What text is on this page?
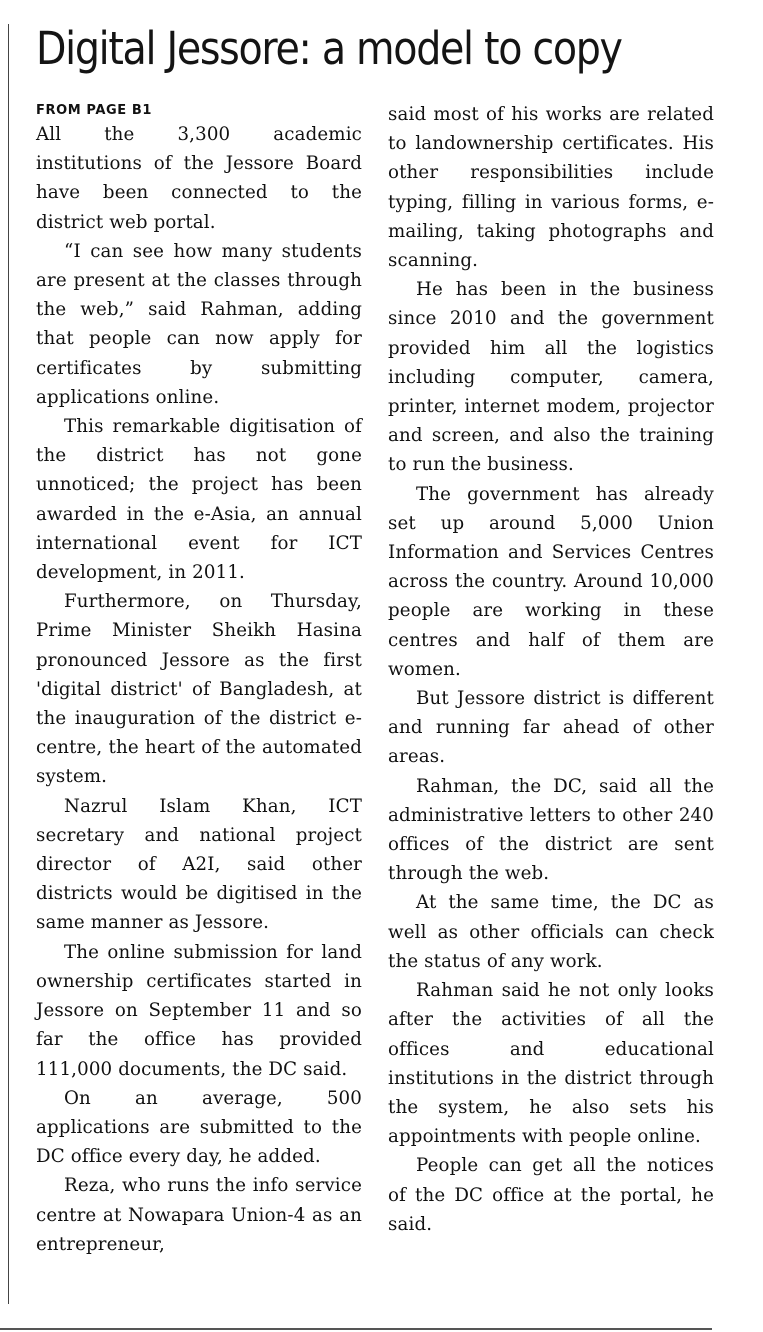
Digital Jessore: a model to copy

FROM PAGE B1

All the 3,300 academic institutions of the Jessore Board have been connected to the district web portal.

“I can see how many students are present at the classes through the web,” said Rahman, adding that people can now apply for certificates by submitting applications online.

This remarkable digitisation of the district has not gone unnoticed; the project has been awarded in the e-Asia, an annual international event for ICT development, in 2011.

Furthermore, on Thursday, Prime Minister Sheikh Hasina pronounced Jessore as the first 'digital district' of Bangladesh, at the inauguration of the district e-centre, the heart of the automated system.

Nazrul Islam Khan, ICT secretary and national project director of A2I, said other districts would be digitised in the same manner as Jessore.

The online submission for land ownership certificates started in Jessore on September 11 and so far the office has provided 111,000 documents, the DC said.

On an average, 500 applications are submitted to the DC office every day, he added.

Reza, who runs the info service centre at Nowapara Union-4 as an entrepreneur,

said most of his works are related to landownership certificates. His other responsibilities include typing, filling in various forms, e-mailing, taking photographs and scanning.

He has been in the business since 2010 and the government provided him all the logistics including computer, camera, printer, internet modem, projector and screen, and also the training to run the business.

The government has already set up around 5,000 Union Information and Services Centres across the country. Around 10,000 people are working in these centres and half of them are women.

But Jessore district is different and running far ahead of other areas.

Rahman, the DC, said all the administrative letters to other 240 offices of the district are sent through the web.

At the same time, the DC as well as other officials can check the status of any work.

Rahman said he not only looks after the activities of all the offices and educational institutions in the district through the system, he also sets his appointments with people online.

People can get all the notices of the DC office at the portal, he said.
